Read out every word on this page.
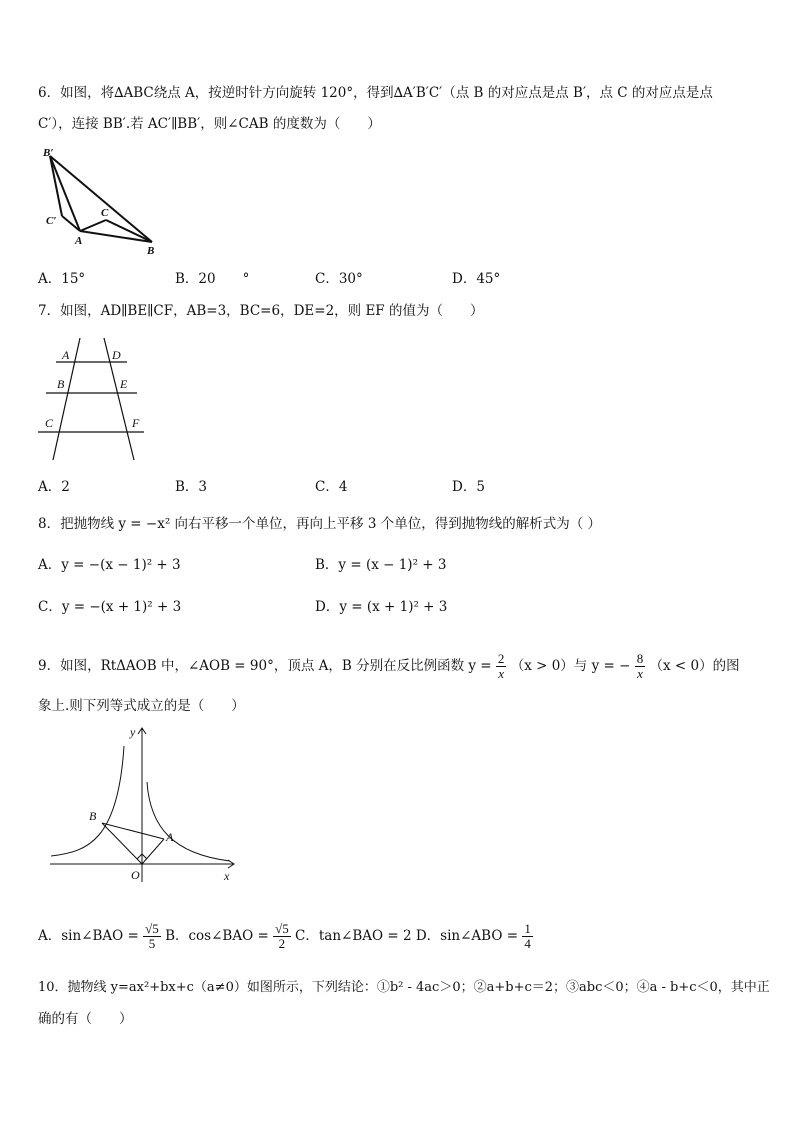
6．如图，将∆ABC绕点 A，按逆时针方向旋转 120°，得到∆A′B′C′（点 B 的对应点是点 B′，点 C 的对应点是点
C′），连接 BB′.若 AC′∥BB′，则∠CAB 的度数为（　　）
B′
C′
C
A
B
A．15°	B．20　　°	C．30°	D．45°
7．如图，AD∥BE∥CF，AB=3，BC=6，DE=2，则 EF 的值为（　　）
A	D
B	E
C	F
A．2	B．3	C．4	D．5
8．把抛物线 y = −x² 向右平移一个单位，再向上平移 3 个单位，得到抛物线的解析式为（ ）
A．y = −(x − 1)² + 3	B．y = (x − 1)² + 3
C．y = −(x + 1)² + 3	D．y = (x + 1)² + 3
9．如图，RtΔAOB 中，∠AOB = 90°，顶点 A，B 分别在反比例函数 $y = \frac{2}{x} (x > 0)$与 y = − $\frac{8}{x} (x < 0)$的图
象上.则下列等式成立的是（　　）
y
x
O
A
B
A．sin∠BAO = $\frac{√5}{5}$ B．cos∠BAO = $\frac{√5}{2}$ C．tan∠BAO = 2 D．sin∠ABO = $\frac{1}{4}$
10．抛物线 y=ax²+bx+c（a≠0）如图所示，下列结论：①b² - 4ac＞0；②a+b+c＝2；③abc＜0；④a - b+c＜0，其中正
确的有（　　）
